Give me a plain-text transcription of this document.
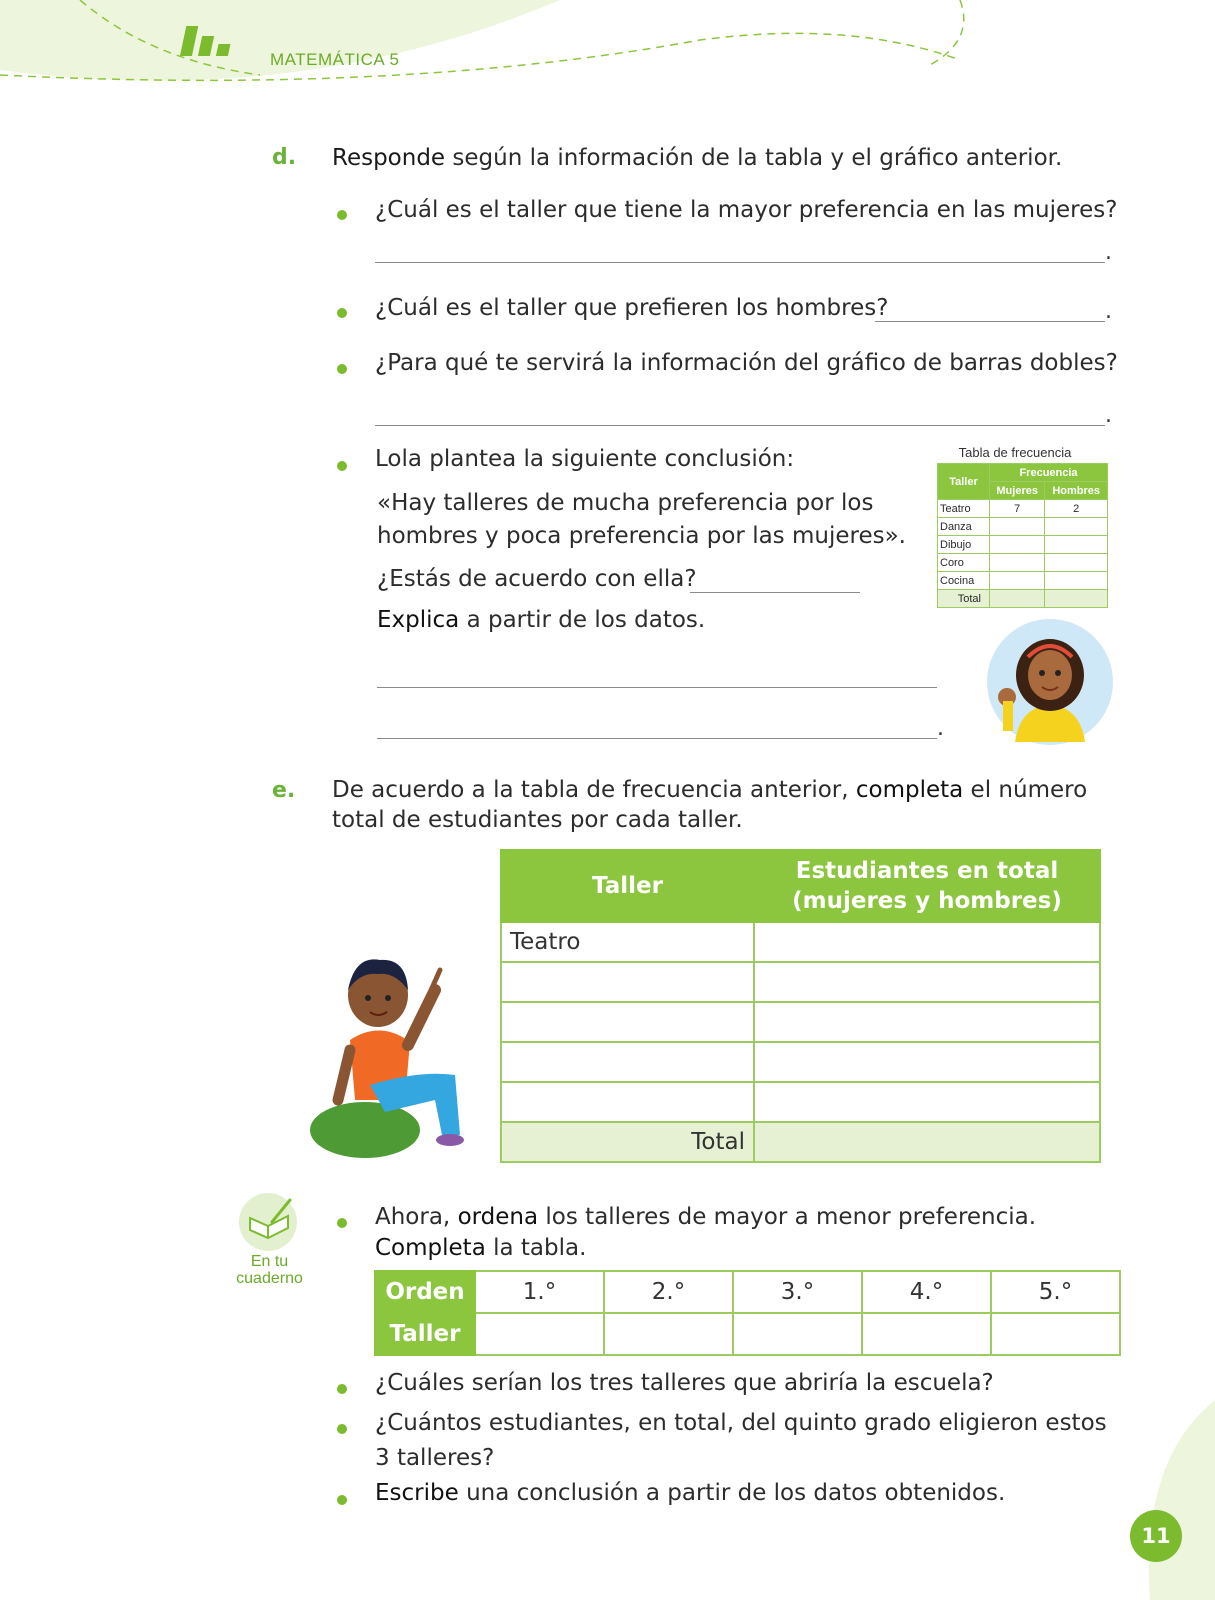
MATEMÁTICA 5
d. Responde según la información de la tabla y el gráfico anterior.
¿Cuál es el taller que tiene la mayor preferencia en las mujeres?
.
¿Cuál es el taller que prefieren los hombres?	.
¿Para qué te servirá la información del gráfico de barras dobles?
.
Lola plantea la siguiente conclusión:
«Hay talleres de mucha preferencia por los
hombres y poca preferencia por las mujeres».
¿Estás de acuerdo con ella?
Explica a partir de los datos.
.
Tabla de frecuencia
Taller	Frecuencia	
	Mujeres	Hombres
Teatro	7	2
Danza		
Dibujo		
Coro		
Cocina		
Total		
e. De acuerdo a la tabla de frecuencia anterior, completa el número
total de estudiantes por cada taller.
Taller	Estudiantes en total
(mujeres y hombres)
Teatro	

Total	
En tu
cuaderno
Ahora, ordena los talleres de mayor a menor preferencia.
Completa la tabla.
Orden	1.°	2.°	3.°	4.°	5.°
Taller					
¿Cuáles serían los tres talleres que abriría la escuela?
¿Cuántos estudiantes, en total, del quinto grado eligieron estos
3 talleres?
Escribe una conclusión a partir de los datos obtenidos.
11
